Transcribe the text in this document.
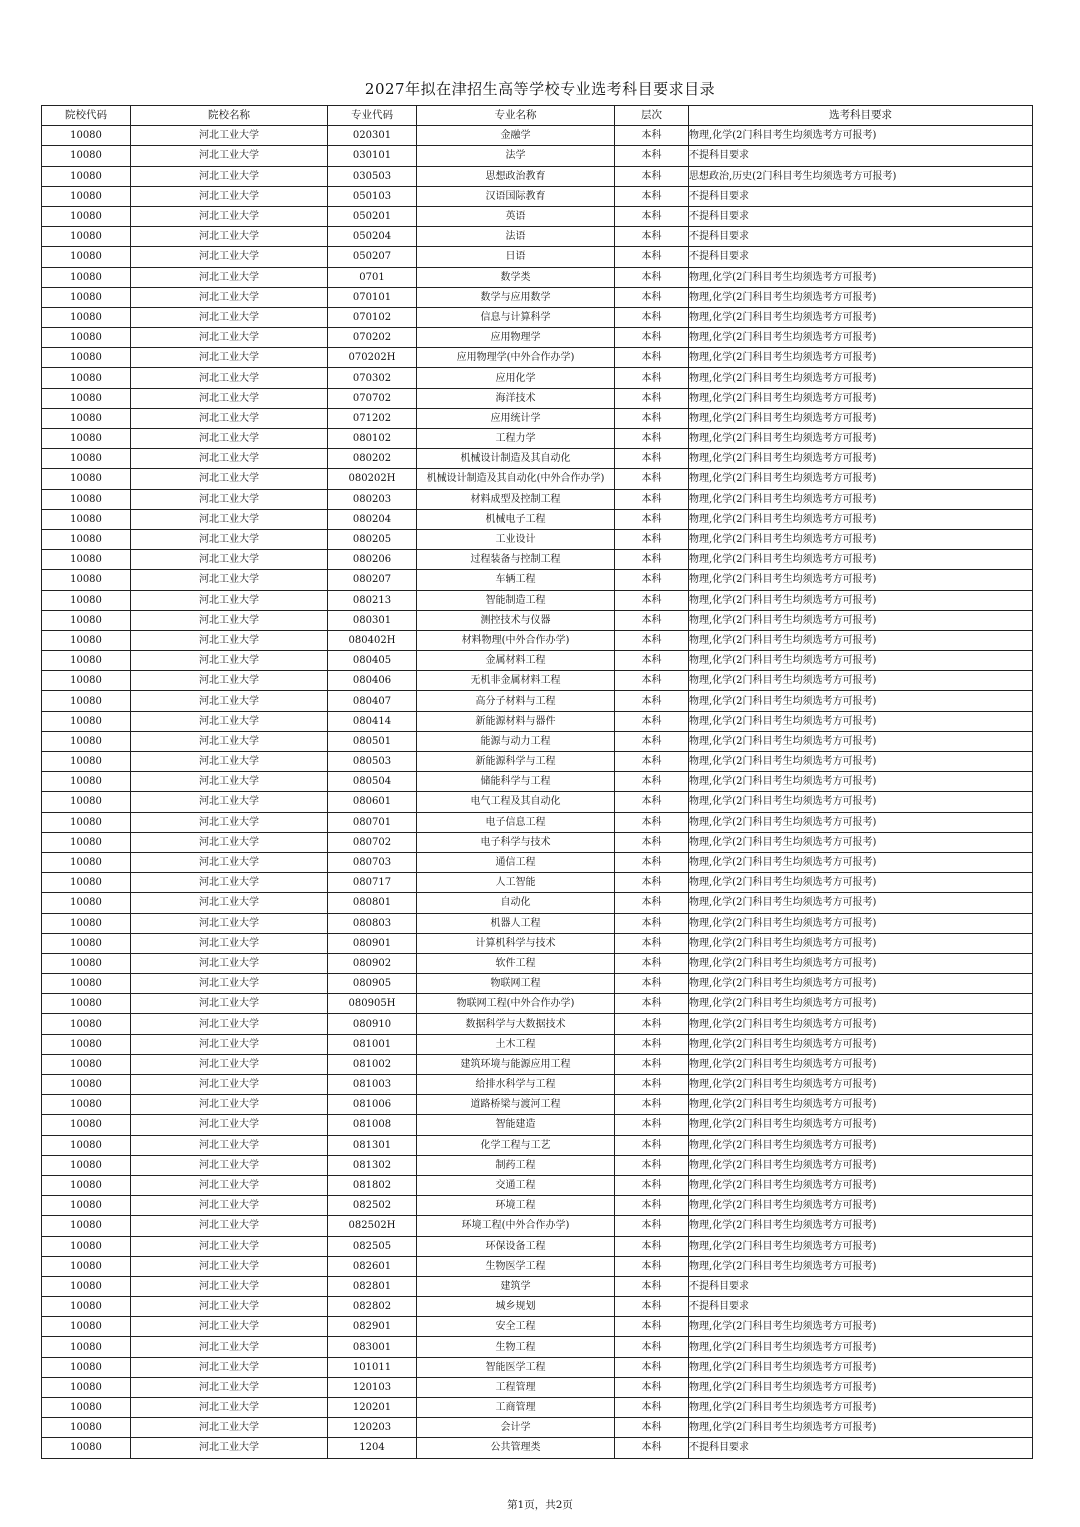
2027年拟在津招生高等学校专业选考科目要求目录
院校代码	院校名称	专业代码	专业名称	层次	选考科目要求
10080	河北工业大学	020301	金融学	本科	物理,化学(2门科目考生均须选考方可报考)
10080	河北工业大学	030101	法学	本科	不提科目要求
10080	河北工业大学	030503	思想政治教育	本科	思想政治,历史(2门科目考生均须选考方可报考)
10080	河北工业大学	050103	汉语国际教育	本科	不提科目要求
10080	河北工业大学	050201	英语	本科	不提科目要求
10080	河北工业大学	050204	法语	本科	不提科目要求
10080	河北工业大学	050207	日语	本科	不提科目要求
10080	河北工业大学	0701	数学类	本科	物理,化学(2门科目考生均须选考方可报考)
10080	河北工业大学	070101	数学与应用数学	本科	物理,化学(2门科目考生均须选考方可报考)
10080	河北工业大学	070102	信息与计算科学	本科	物理,化学(2门科目考生均须选考方可报考)
10080	河北工业大学	070202	应用物理学	本科	物理,化学(2门科目考生均须选考方可报考)
10080	河北工业大学	070202H	应用物理学(中外合作办学)	本科	物理,化学(2门科目考生均须选考方可报考)
10080	河北工业大学	070302	应用化学	本科	物理,化学(2门科目考生均须选考方可报考)
10080	河北工业大学	070702	海洋技术	本科	物理,化学(2门科目考生均须选考方可报考)
10080	河北工业大学	071202	应用统计学	本科	物理,化学(2门科目考生均须选考方可报考)
10080	河北工业大学	080102	工程力学	本科	物理,化学(2门科目考生均须选考方可报考)
10080	河北工业大学	080202	机械设计制造及其自动化	本科	物理,化学(2门科目考生均须选考方可报考)
10080	河北工业大学	080202H	机械设计制造及其自动化(中外合作办学)	本科	物理,化学(2门科目考生均须选考方可报考)
10080	河北工业大学	080203	材料成型及控制工程	本科	物理,化学(2门科目考生均须选考方可报考)
10080	河北工业大学	080204	机械电子工程	本科	物理,化学(2门科目考生均须选考方可报考)
10080	河北工业大学	080205	工业设计	本科	物理,化学(2门科目考生均须选考方可报考)
10080	河北工业大学	080206	过程装备与控制工程	本科	物理,化学(2门科目考生均须选考方可报考)
10080	河北工业大学	080207	车辆工程	本科	物理,化学(2门科目考生均须选考方可报考)
10080	河北工业大学	080213	智能制造工程	本科	物理,化学(2门科目考生均须选考方可报考)
10080	河北工业大学	080301	测控技术与仪器	本科	物理,化学(2门科目考生均须选考方可报考)
10080	河北工业大学	080402H	材料物理(中外合作办学)	本科	物理,化学(2门科目考生均须选考方可报考)
10080	河北工业大学	080405	金属材料工程	本科	物理,化学(2门科目考生均须选考方可报考)
10080	河北工业大学	080406	无机非金属材料工程	本科	物理,化学(2门科目考生均须选考方可报考)
10080	河北工业大学	080407	高分子材料与工程	本科	物理,化学(2门科目考生均须选考方可报考)
10080	河北工业大学	080414	新能源材料与器件	本科	物理,化学(2门科目考生均须选考方可报考)
10080	河北工业大学	080501	能源与动力工程	本科	物理,化学(2门科目考生均须选考方可报考)
10080	河北工业大学	080503	新能源科学与工程	本科	物理,化学(2门科目考生均须选考方可报考)
10080	河北工业大学	080504	储能科学与工程	本科	物理,化学(2门科目考生均须选考方可报考)
10080	河北工业大学	080601	电气工程及其自动化	本科	物理,化学(2门科目考生均须选考方可报考)
10080	河北工业大学	080701	电子信息工程	本科	物理,化学(2门科目考生均须选考方可报考)
10080	河北工业大学	080702	电子科学与技术	本科	物理,化学(2门科目考生均须选考方可报考)
10080	河北工业大学	080703	通信工程	本科	物理,化学(2门科目考生均须选考方可报考)
10080	河北工业大学	080717	人工智能	本科	物理,化学(2门科目考生均须选考方可报考)
10080	河北工业大学	080801	自动化	本科	物理,化学(2门科目考生均须选考方可报考)
10080	河北工业大学	080803	机器人工程	本科	物理,化学(2门科目考生均须选考方可报考)
10080	河北工业大学	080901	计算机科学与技术	本科	物理,化学(2门科目考生均须选考方可报考)
10080	河北工业大学	080902	软件工程	本科	物理,化学(2门科目考生均须选考方可报考)
10080	河北工业大学	080905	物联网工程	本科	物理,化学(2门科目考生均须选考方可报考)
10080	河北工业大学	080905H	物联网工程(中外合作办学)	本科	物理,化学(2门科目考生均须选考方可报考)
10080	河北工业大学	080910	数据科学与大数据技术	本科	物理,化学(2门科目考生均须选考方可报考)
10080	河北工业大学	081001	土木工程	本科	物理,化学(2门科目考生均须选考方可报考)
10080	河北工业大学	081002	建筑环境与能源应用工程	本科	物理,化学(2门科目考生均须选考方可报考)
10080	河北工业大学	081003	给排水科学与工程	本科	物理,化学(2门科目考生均须选考方可报考)
10080	河北工业大学	081006	道路桥梁与渡河工程	本科	物理,化学(2门科目考生均须选考方可报考)
10080	河北工业大学	081008	智能建造	本科	物理,化学(2门科目考生均须选考方可报考)
10080	河北工业大学	081301	化学工程与工艺	本科	物理,化学(2门科目考生均须选考方可报考)
10080	河北工业大学	081302	制药工程	本科	物理,化学(2门科目考生均须选考方可报考)
10080	河北工业大学	081802	交通工程	本科	物理,化学(2门科目考生均须选考方可报考)
10080	河北工业大学	082502	环境工程	本科	物理,化学(2门科目考生均须选考方可报考)
10080	河北工业大学	082502H	环境工程(中外合作办学)	本科	物理,化学(2门科目考生均须选考方可报考)
10080	河北工业大学	082505	环保设备工程	本科	物理,化学(2门科目考生均须选考方可报考)
10080	河北工业大学	082601	生物医学工程	本科	物理,化学(2门科目考生均须选考方可报考)
10080	河北工业大学	082801	建筑学	本科	不提科目要求
10080	河北工业大学	082802	城乡规划	本科	不提科目要求
10080	河北工业大学	082901	安全工程	本科	物理,化学(2门科目考生均须选考方可报考)
10080	河北工业大学	083001	生物工程	本科	物理,化学(2门科目考生均须选考方可报考)
10080	河北工业大学	101011	智能医学工程	本科	物理,化学(2门科目考生均须选考方可报考)
10080	河北工业大学	120103	工程管理	本科	物理,化学(2门科目考生均须选考方可报考)
10080	河北工业大学	120201	工商管理	本科	物理,化学(2门科目考生均须选考方可报考)
10080	河北工业大学	120203	会计学	本科	物理,化学(2门科目考生均须选考方可报考)
10080	河北工业大学	1204	公共管理类	本科	不提科目要求
第1页，共2页
